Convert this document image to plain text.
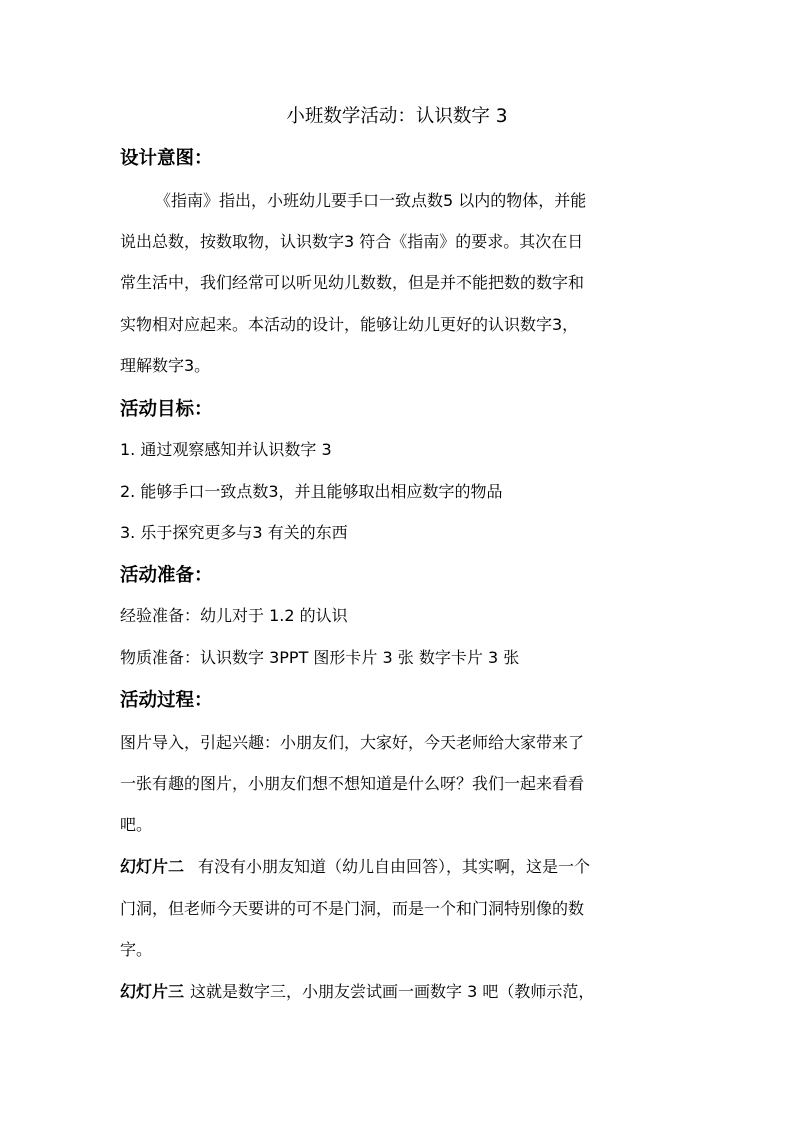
小班数学活动：认识数字 3
设计意图：

《指南》指出，小班幼儿要手口一致点数5 以内的物体，并能

说出总数，按数取物，认识数字3 符合《指南》的要求。其次在日

常生活中，我们经常可以听见幼儿数数，但是并不能把数的数字和

实物相对应起来。本活动的设计，能够让幼儿更好的认识数字3，

理解数字3。

活动目标：

1. 通过观察感知并认识数字 3

2. 能够手口一致点数3，并且能够取出相应数字的物品

3. 乐于探究更多与3 有关的东西

活动准备：

经验准备：幼儿对于 1.2 的认识

物质准备：认识数字 3PPT 图形卡片 3 张 数字卡片 3 张

活动过程：

图片导入，引起兴趣：小朋友们，大家好，今天老师给大家带来了

一张有趣的图片，小朋友们想不想知道是什么呀？我们一起来看看

吧。

幻灯片二 有没有小朋友知道（幼儿自由回答），其实啊，这是一个

门洞，但老师今天要讲的可不是门洞，而是一个和门洞特别像的数

字。

幻灯片三 这就是数字三，小朋友尝试画一画数字 3 吧（教师示范，
